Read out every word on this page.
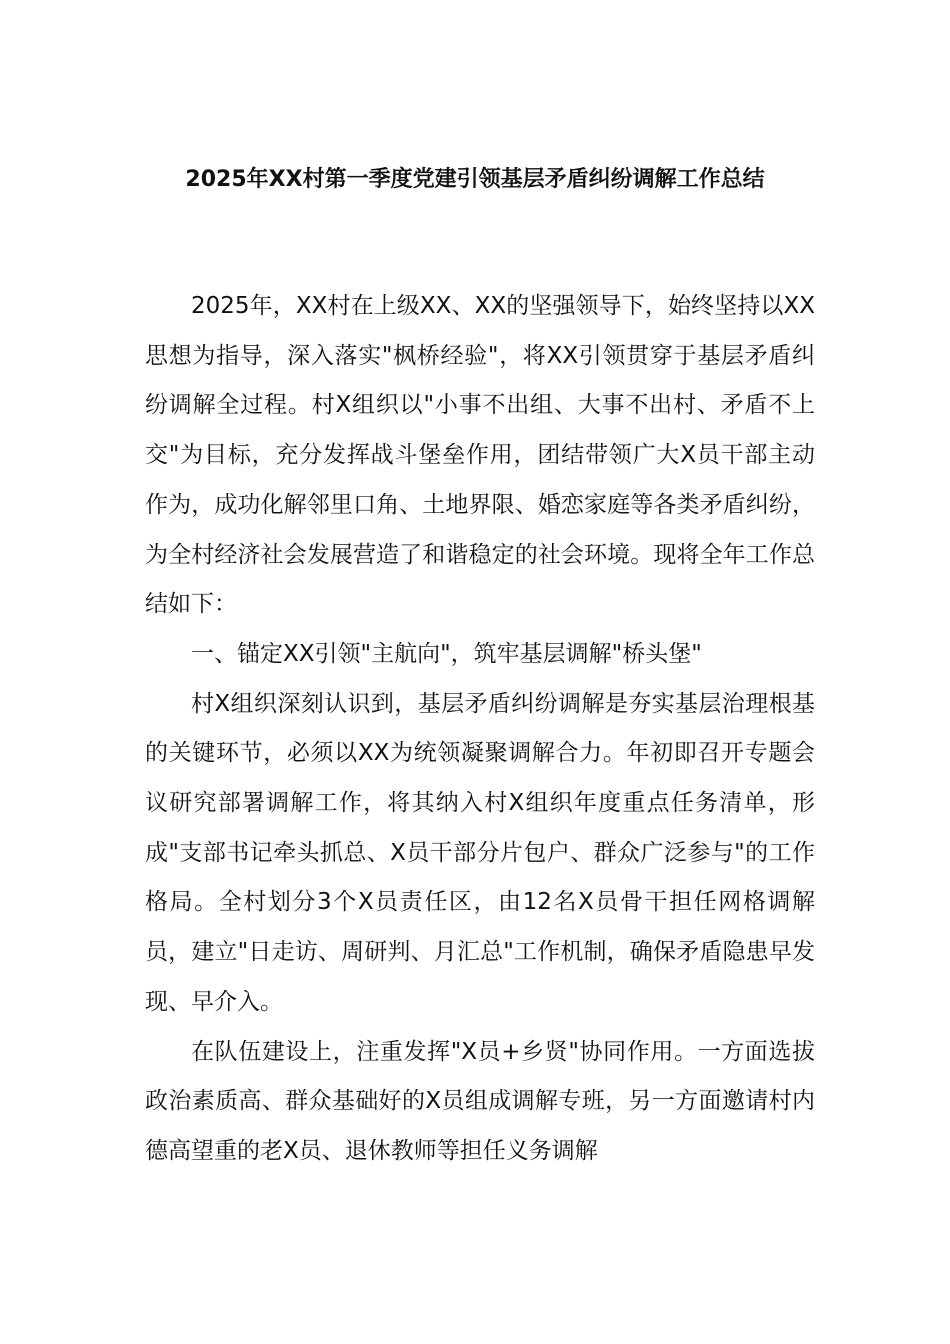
2025年XX村第一季度党建引领基层矛盾纠纷调解工作总结

2025年，XX村在上级XX、XX的坚强领导下，始终坚持以XX思想为指导，深入落实"枫桥经验"，将XX引领贯穿于基层矛盾纠纷调解全过程。村X组织以"小事不出组、大事不出村、矛盾不上交"为目标，充分发挥战斗堡垒作用，团结带领广大X员干部主动作为，成功化解邻里口角、土地界限、婚恋家庭等各类矛盾纠纷，为全村经济社会发展营造了和谐稳定的社会环境。现将全年工作总结如下：

一、锚定XX引领"主航向"，筑牢基层调解"桥头堡"

村X组织深刻认识到，基层矛盾纠纷调解是夯实基层治理根基的关键环节，必须以XX为统领凝聚调解合力。年初即召开专题会议研究部署调解工作，将其纳入村X组织年度重点任务清单，形成"支部书记牵头抓总、X员干部分片包户、群众广泛参与"的工作格局。全村划分3个X员责任区，由12名X员骨干担任网格调解员，建立"日走访、周研判、月汇总"工作机制，确保矛盾隐患早发现、早介入。

在队伍建设上，注重发挥"X员+乡贤"协同作用。一方面选拔政治素质高、群众基础好的X员组成调解专班，另一方面邀请村内德高望重的老X员、退休教师等担任义务调解
